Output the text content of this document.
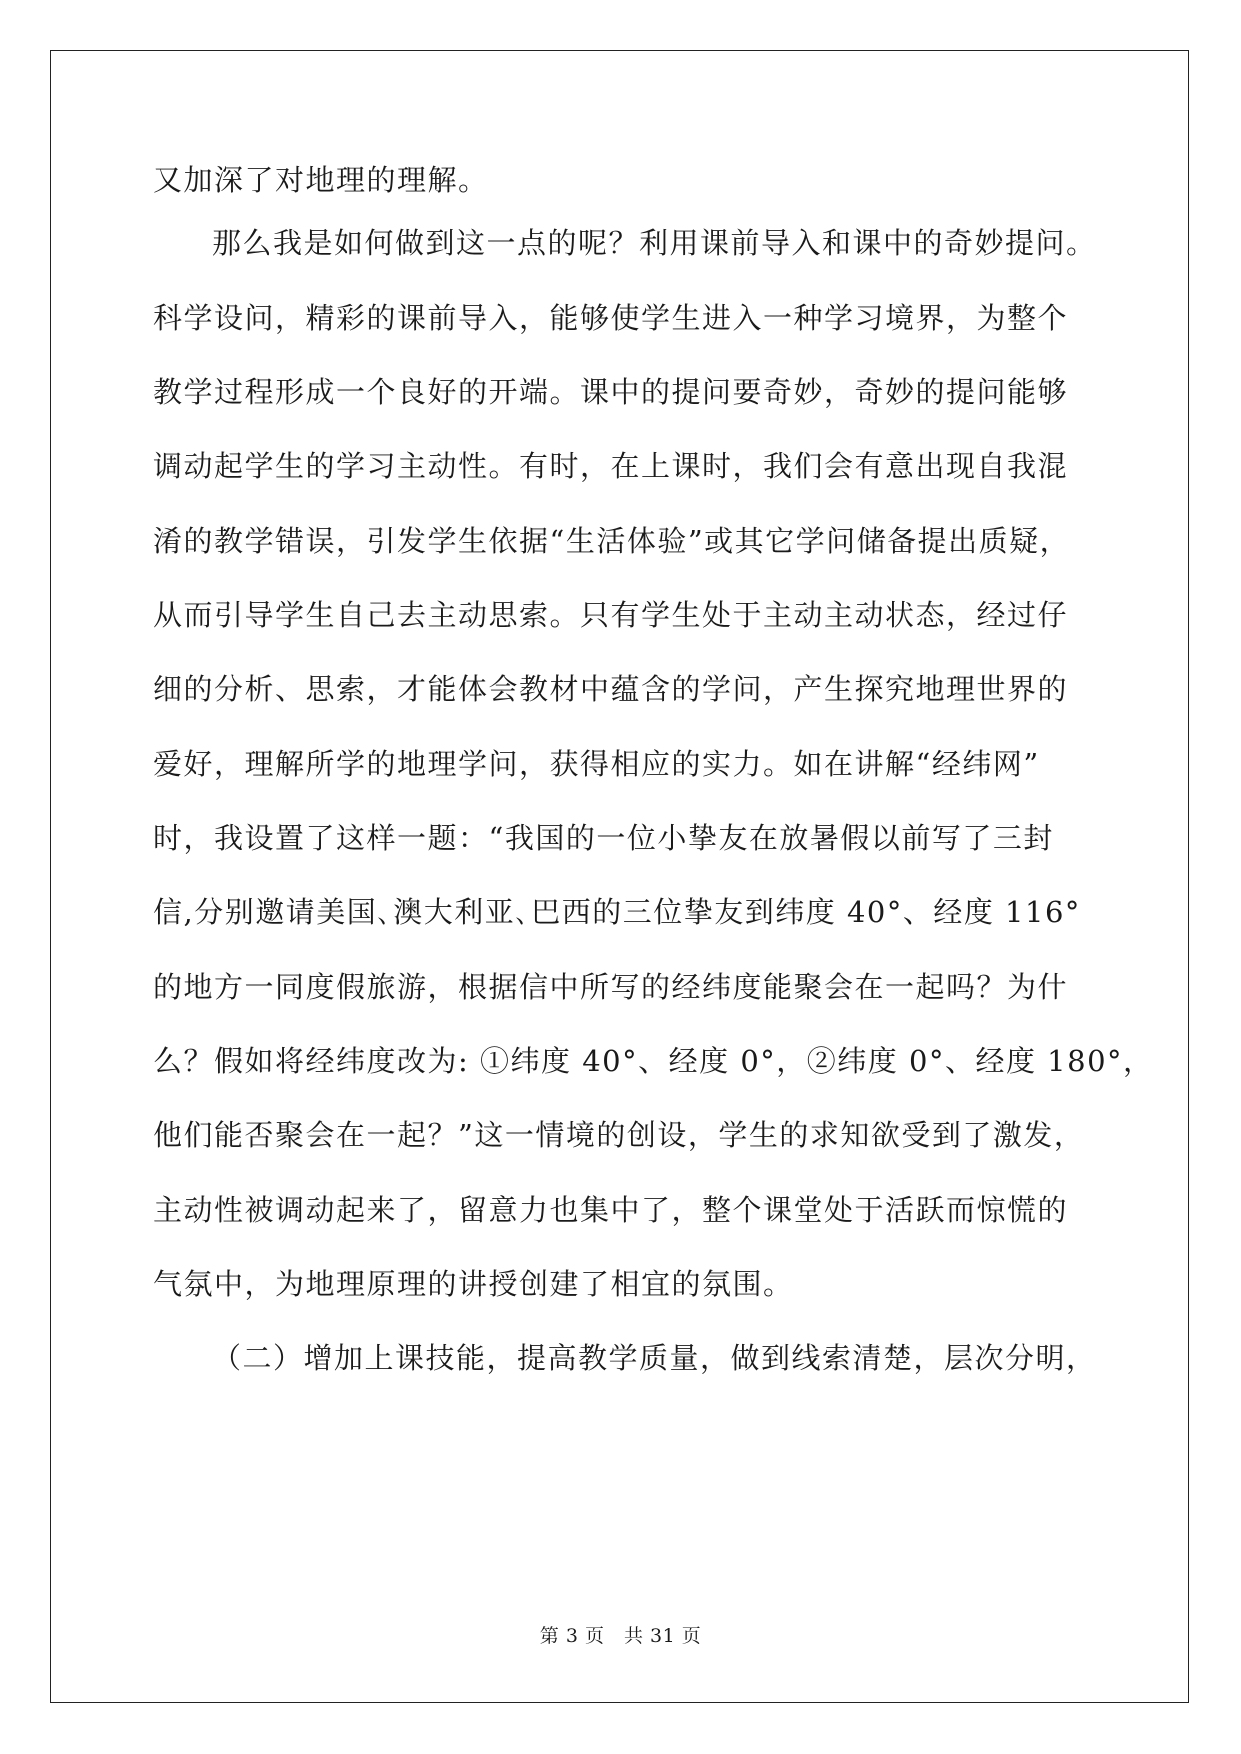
又加深了对地理的理解。
那么我是如何做到这一点的呢？利用课前导入和课中的奇妙提问。
科学设问，精彩的课前导入，能够使学生进入一种学习境界，为整个
教学过程形成一个良好的开端。课中的提问要奇妙，奇妙的提问能够
调动起学生的学习主动性。有时，在上课时，我们会有意出现自我混
淆的教学错误，引发学生依据“生活体验”或其它学问储备提出质疑，
从而引导学生自己去主动思索。只有学生处于主动主动状态，经过仔
细的分析、思索，才能体会教材中蕴含的学问，产生探究地理世界的
爱好，理解所学的地理学问，获得相应的实力。如在讲解“经纬网”
时，我设置了这样一题：“我国的一位小挚友在放暑假以前写了三封
信,分别邀请美国､澳大利亚､巴西的三位挚友到纬度 40°、经度 116°
的地方一同度假旅游，根据信中所写的经纬度能聚会在一起吗？为什
么？假如将经纬度改为: ①纬度 40°、经度 0°，②纬度 0°、经度 180°，
他们能否聚会在一起？”这一情境的创设，学生的求知欲受到了激发，
主动性被调动起来了，留意力也集中了，整个课堂处于活跃而惊慌的
气氛中，为地理原理的讲授创建了相宜的氛围。
（二）增加上课技能，提高教学质量，做到线索清楚，层次分明，
第 3 页　共 31 页
